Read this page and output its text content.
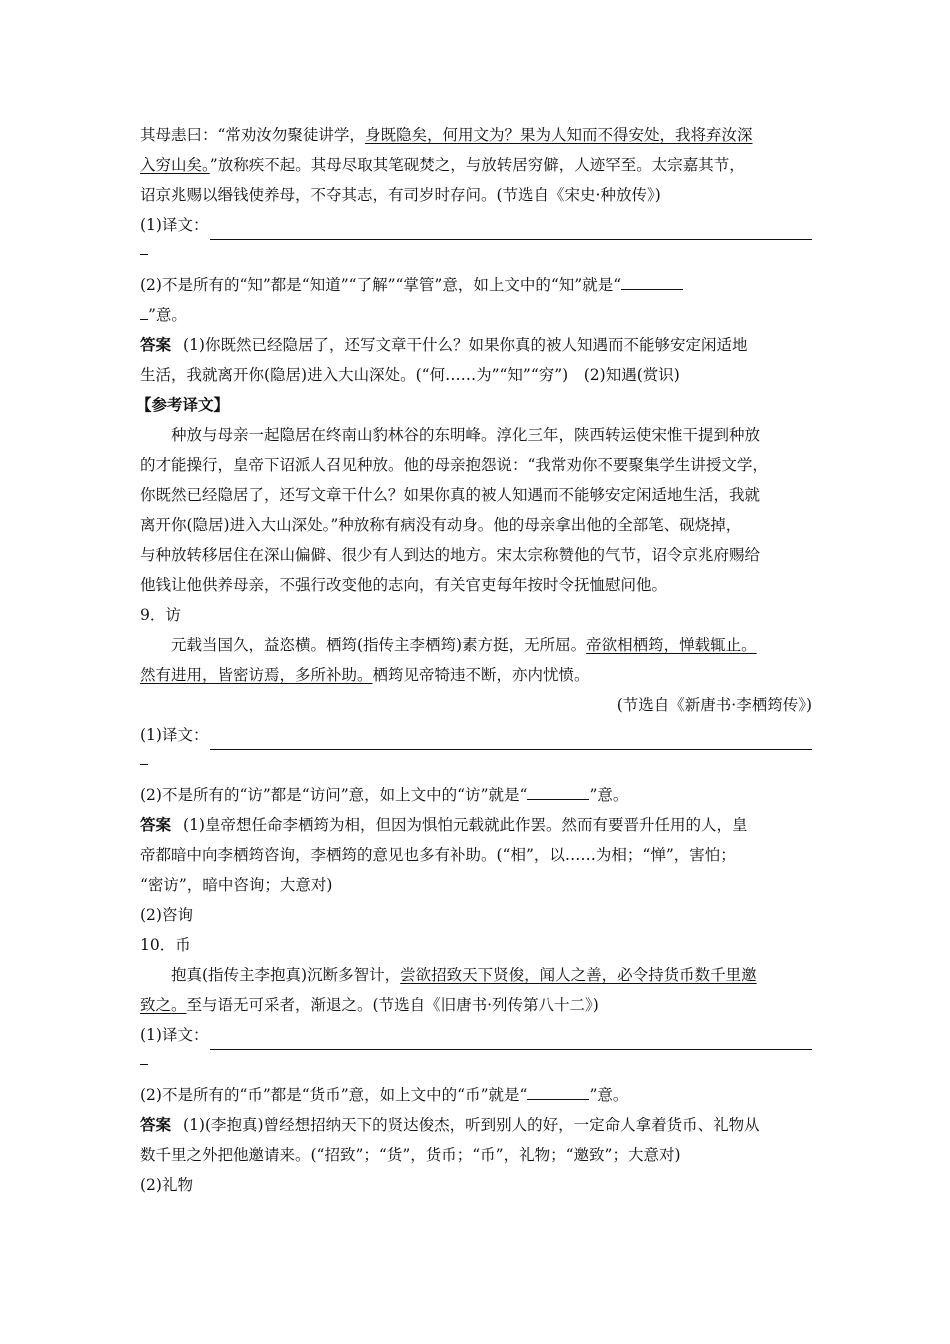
其母恚曰：“常劝汝勿聚徒讲学，身既隐矣，何用文为？果为人知而不得安处，我将弃汝深
入穷山矣。”放称疾不起。其母尽取其笔砚焚之，与放转居穷僻，人迹罕至。太宗嘉其节，
诏京兆赐以缗钱使养母，不夺其志，有司岁时存问。(节选自《宋史·种放传》)
(1)译文：
(2)不是所有的“知”都是“知道”“了解”“掌管”意，如上文中的“知”就是“
”意。
答案 (1)你既然已经隐居了，还写文章干什么？如果你真的被人知遇而不能够安定闲适地
生活，我就离开你(隐居)进入大山深处。(“何……为”“知”“穷”)　(2)知遇(赏识)
【参考译文】
种放与母亲一起隐居在终南山豹林谷的东明峰。淳化三年，陕西转运使宋惟干提到种放
的才能操行，皇帝下诏派人召见种放。他的母亲抱怨说：“我常劝你不要聚集学生讲授文学，
你既然已经隐居了，还写文章干什么？如果你真的被人知遇而不能够安定闲适地生活，我就
离开你(隐居)进入大山深处。”种放称有病没有动身。他的母亲拿出他的全部笔、砚烧掉，
与种放转移居住在深山偏僻、很少有人到达的地方。宋太宗称赞他的气节，诏令京兆府赐给
他钱让他供养母亲，不强行改变他的志向，有关官吏每年按时令抚恤慰问他。
9．访
元载当国久，益恣横。栖筠(指传主李栖筠)素方挺，无所屈。帝欲相栖筠，惮载辄止。
然有进用，皆密访焉，多所补助。栖筠见帝犄违不断，亦内忧愤。
(节选自《新唐书·李栖筠传》)
(1)译文：
(2)不是所有的“访”都是“访问”意，如上文中的“访”就是“	”意。
答案 (1)皇帝想任命李栖筠为相，但因为惧怕元载就此作罢。然而有要晋升任用的人，皇
帝都暗中向李栖筠咨询，李栖筠的意见也多有补助。(“相”，以……为相；“惮”，害怕；
“密访”，暗中咨询；大意对)
(2)咨询
10．币
抱真(指传主李抱真)沉断多智计，尝欲招致天下贤俊，闻人之善，必令持货币数千里邀
致之。至与语无可采者，渐退之。(节选自《旧唐书·列传第八十二》)
(1)译文：
(2)不是所有的“币”都是“货币”意，如上文中的“币”就是“	”意。
答案 (1)(李抱真)曾经想招纳天下的贤达俊杰，听到别人的好，一定命人拿着货币、礼物从
数千里之外把他邀请来。(“招致”；“货”，货币；“币”，礼物；“邀致”；大意对)
(2)礼物
